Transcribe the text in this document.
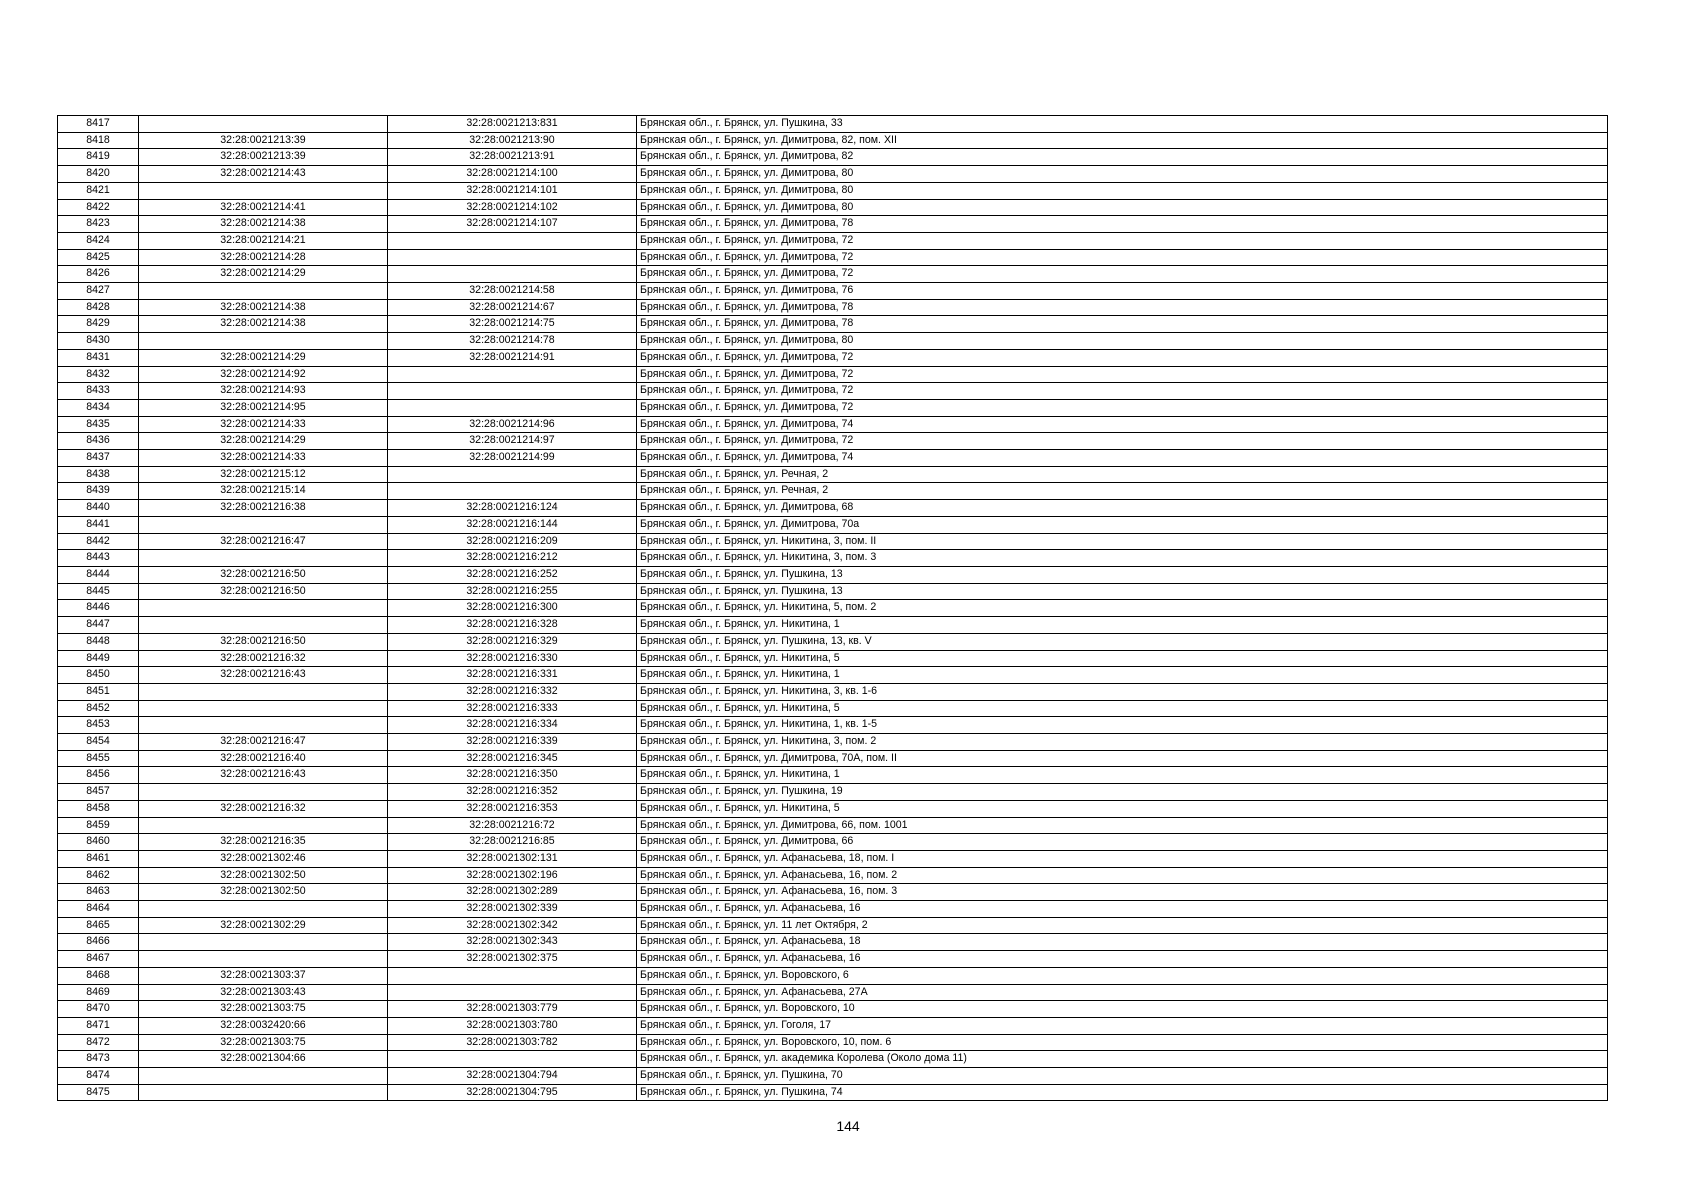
8417		32:28:0021213:831	Брянская обл., г. Брянск, ул. Пушкина, 33
8418	32:28:0021213:39	32:28:0021213:90	Брянская обл., г. Брянск, ул. Димитрова, 82, пом. XII
8419	32:28:0021213:39	32:28:0021213:91	Брянская обл., г. Брянск, ул. Димитрова, 82
8420	32:28:0021214:43	32:28:0021214:100	Брянская обл., г. Брянск, ул. Димитрова, 80
8421		32:28:0021214:101	Брянская обл., г. Брянск, ул. Димитрова, 80
8422	32:28:0021214:41	32:28:0021214:102	Брянская обл., г. Брянск, ул. Димитрова, 80
8423	32:28:0021214:38	32:28:0021214:107	Брянская обл., г. Брянск, ул. Димитрова, 78
8424	32:28:0021214:21		Брянская обл., г. Брянск, ул. Димитрова, 72
8425	32:28:0021214:28		Брянская обл., г. Брянск, ул. Димитрова, 72
8426	32:28:0021214:29		Брянская обл., г. Брянск, ул. Димитрова, 72
8427		32:28:0021214:58	Брянская обл., г. Брянск, ул. Димитрова, 76
8428	32:28:0021214:38	32:28:0021214:67	Брянская обл., г. Брянск, ул. Димитрова, 78
8429	32:28:0021214:38	32:28:0021214:75	Брянская обл., г. Брянск, ул. Димитрова, 78
8430		32:28:0021214:78	Брянская обл., г. Брянск, ул. Димитрова, 80
8431	32:28:0021214:29	32:28:0021214:91	Брянская обл., г. Брянск, ул. Димитрова, 72
8432	32:28:0021214:92		Брянская обл., г. Брянск, ул. Димитрова, 72
8433	32:28:0021214:93		Брянская обл., г. Брянск, ул. Димитрова, 72
8434	32:28:0021214:95		Брянская обл., г. Брянск, ул. Димитрова, 72
8435	32:28:0021214:33	32:28:0021214:96	Брянская обл., г. Брянск, ул. Димитрова, 74
8436	32:28:0021214:29	32:28:0021214:97	Брянская обл., г. Брянск, ул. Димитрова, 72
8437	32:28:0021214:33	32:28:0021214:99	Брянская обл., г. Брянск, ул. Димитрова, 74
8438	32:28:0021215:12		Брянская обл., г. Брянск, ул. Речная, 2
8439	32:28:0021215:14		Брянская обл., г. Брянск, ул. Речная, 2
8440	32:28:0021216:38	32:28:0021216:124	Брянская обл., г. Брянск, ул. Димитрова, 68
8441		32:28:0021216:144	Брянская обл., г. Брянск, ул. Димитрова, 70а
8442	32:28:0021216:47	32:28:0021216:209	Брянская обл., г. Брянск, ул. Никитина, 3, пом. II
8443		32:28:0021216:212	Брянская обл., г. Брянск, ул. Никитина, 3, пом. 3
8444	32:28:0021216:50	32:28:0021216:252	Брянская обл., г. Брянск, ул. Пушкина, 13
8445	32:28:0021216:50	32:28:0021216:255	Брянская обл., г. Брянск, ул. Пушкина, 13
8446		32:28:0021216:300	Брянская обл., г. Брянск, ул. Никитина, 5, пом. 2
8447		32:28:0021216:328	Брянская обл., г. Брянск, ул. Никитина, 1
8448	32:28:0021216:50	32:28:0021216:329	Брянская обл., г. Брянск, ул. Пушкина, 13, кв. V
8449	32:28:0021216:32	32:28:0021216:330	Брянская обл., г. Брянск, ул. Никитина, 5
8450	32:28:0021216:43	32:28:0021216:331	Брянская обл., г. Брянск, ул. Никитина, 1
8451		32:28:0021216:332	Брянская обл., г. Брянск, ул. Никитина, 3, кв. 1-6
8452		32:28:0021216:333	Брянская обл., г. Брянск, ул. Никитина, 5
8453		32:28:0021216:334	Брянская обл., г. Брянск, ул. Никитина, 1, кв. 1-5
8454	32:28:0021216:47	32:28:0021216:339	Брянская обл., г. Брянск, ул. Никитина, 3, пом. 2
8455	32:28:0021216:40	32:28:0021216:345	Брянская обл., г. Брянск, ул. Димитрова, 70А, пом. II
8456	32:28:0021216:43	32:28:0021216:350	Брянская обл., г. Брянск, ул. Никитина, 1
8457		32:28:0021216:352	Брянская обл., г. Брянск, ул. Пушкина, 19
8458	32:28:0021216:32	32:28:0021216:353	Брянская обл., г. Брянск, ул. Никитина, 5
8459		32:28:0021216:72	Брянская обл., г. Брянск, ул. Димитрова, 66, пом. 1001
8460	32:28:0021216:35	32:28:0021216:85	Брянская обл., г. Брянск, ул. Димитрова, 66
8461	32:28:0021302:46	32:28:0021302:131	Брянская обл., г. Брянск, ул. Афанасьева, 18, пом. I
8462	32:28:0021302:50	32:28:0021302:196	Брянская обл., г. Брянск, ул. Афанасьева, 16, пом. 2
8463	32:28:0021302:50	32:28:0021302:289	Брянская обл., г. Брянск, ул. Афанасьева, 16, пом. 3
8464		32:28:0021302:339	Брянская обл., г. Брянск, ул. Афанасьева, 16
8465	32:28:0021302:29	32:28:0021302:342	Брянская обл., г. Брянск, ул. 11 лет Октября, 2
8466		32:28:0021302:343	Брянская обл., г. Брянск, ул. Афанасьева, 18
8467		32:28:0021302:375	Брянская обл., г. Брянск, ул. Афанасьева, 16
8468	32:28:0021303:37		Брянская обл., г. Брянск, ул. Воровского, 6
8469	32:28:0021303:43		Брянская обл., г. Брянск, ул. Афанасьева, 27А
8470	32:28:0021303:75	32:28:0021303:779	Брянская обл., г. Брянск, ул. Воровского, 10
8471	32:28:0032420:66	32:28:0021303:780	Брянская обл., г. Брянск, ул. Гоголя, 17
8472	32:28:0021303:75	32:28:0021303:782	Брянская обл., г. Брянск, ул. Воровского, 10, пом. 6
8473	32:28:0021304:66		Брянская обл., г. Брянск, ул. академика Королева (Около дома 11)
8474		32:28:0021304:794	Брянская обл., г. Брянск, ул. Пушкина, 70
8475		32:28:0021304:795	Брянская обл., г. Брянск, ул. Пушкина, 74
144
